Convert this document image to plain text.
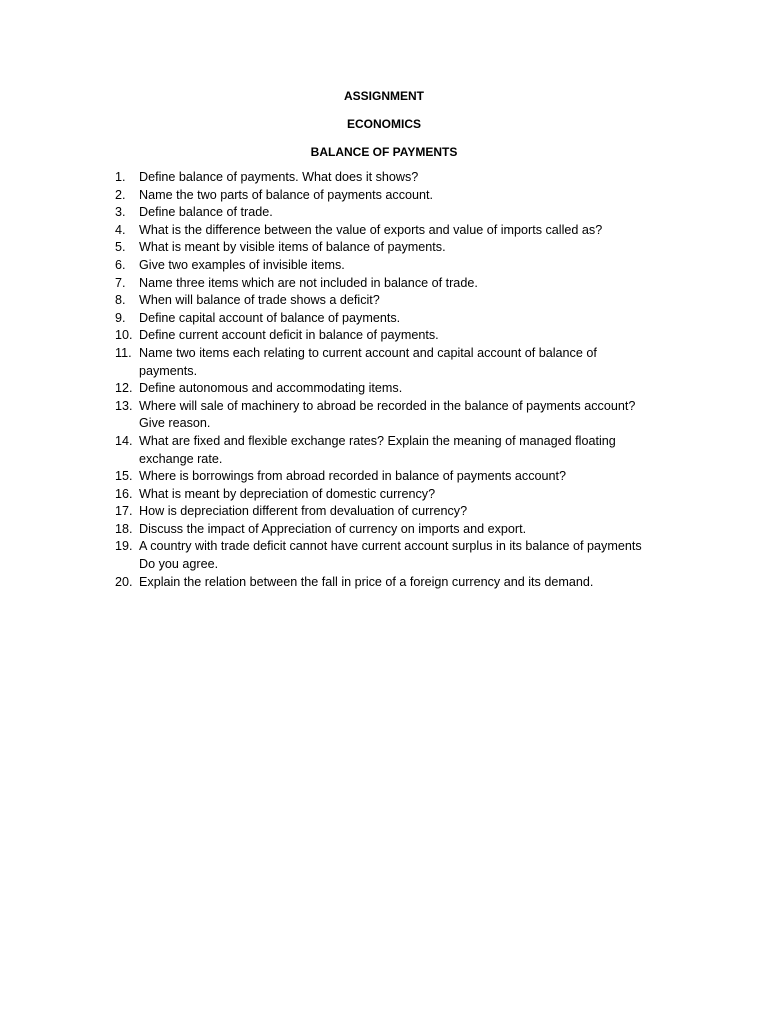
ASSIGNMENT
ECONOMICS
BALANCE OF PAYMENTS
1. Define balance of payments. What does it shows?
2. Name the two parts of balance of payments account.
3. Define balance of trade.
4. What is the difference between the value of exports and value of imports called as?
5. What is meant by visible items of balance of payments.
6. Give two examples of invisible items.
7. Name three items which are not included in balance of trade.
8. When will balance of trade shows a deficit?
9. Define capital account of balance of payments.
10. Define current account deficit in balance of payments.
11. Name two items each relating to current account and capital account of balance of
payments.
12. Define autonomous and accommodating items.
13. Where will sale of machinery to abroad be recorded in the balance of payments account?
Give reason.
14. What are fixed and flexible exchange rates? Explain the meaning of managed floating
exchange rate.
15. Where is borrowings from abroad recorded in balance of payments account?
16. What is meant by depreciation of domestic currency?
17. How is depreciation different from devaluation of currency?
18. Discuss the impact of Appreciation of currency on imports and export.
19. A country with trade deficit cannot have current account surplus in its balance of payments
Do you agree.
20. Explain the relation between the fall in price of a foreign currency and its demand.
